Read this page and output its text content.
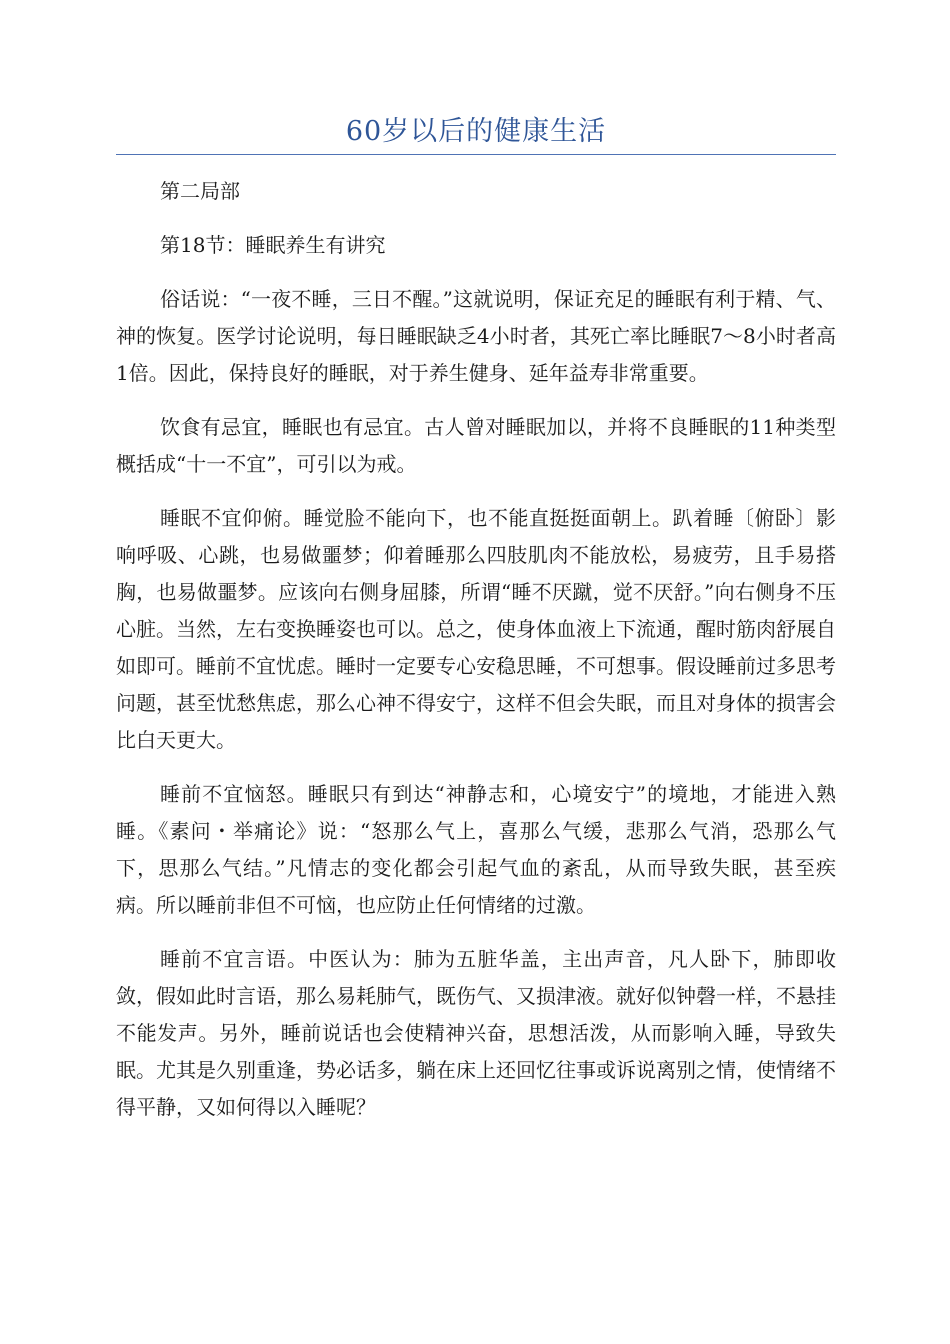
60岁以后的健康生活

第二局部

第18节：睡眠养生有讲究

俗话说：“一夜不睡，三日不醒。”这就说明，保证充足的睡眠有利于精、气、神的恢复。医学讨论说明，每日睡眠缺乏4小时者，其死亡率比睡眠7～8小时者高1倍。因此，保持良好的睡眠，对于养生健身、延年益寿非常重要。

饮食有忌宜，睡眠也有忌宜。古人曾对睡眠加以，并将不良睡眠的11种类型概括成“十一不宜”，可引以为戒。

睡眠不宜仰俯。睡觉脸不能向下，也不能直挺挺面朝上。趴着睡〔俯卧〕影响呼吸、心跳，也易做噩梦；仰着睡那么四肢肌肉不能放松，易疲劳，且手易搭胸，也易做噩梦。应该向右侧身屈膝，所谓“睡不厌蹴，觉不厌舒。”向右侧身不压心脏。当然，左右变换睡姿也可以。总之，使身体血液上下流通，醒时筋肉舒展自如即可。睡前不宜忧虑。睡时一定要专心安稳思睡，不可想事。假设睡前过多思考问题，甚至忧愁焦虑，那么心神不得安宁，这样不但会失眠，而且对身体的损害会比白天更大。

睡前不宜恼怒。睡眠只有到达“神静志和，心境安宁”的境地，才能进入熟睡。《素问・举痛论》说：“怒那么气上，喜那么气缓，悲那么气消，恐那么气下，思那么气结。”凡情志的变化都会引起气血的紊乱，从而导致失眠，甚至疾病。所以睡前非但不可恼，也应防止任何情绪的过激。

睡前不宜言语。中医认为：肺为五脏华盖，主出声音，凡人卧下，肺即收敛，假如此时言语，那么易耗肺气，既伤气、又损津液。就好似钟磬一样，不悬挂不能发声。另外，睡前说话也会使精神兴奋，思想活泼，从而影响入睡，导致失眠。尤其是久别重逢，势必话多，躺在床上还回忆往事或诉说离别之情，使情绪不得平静，又如何得以入睡呢？
